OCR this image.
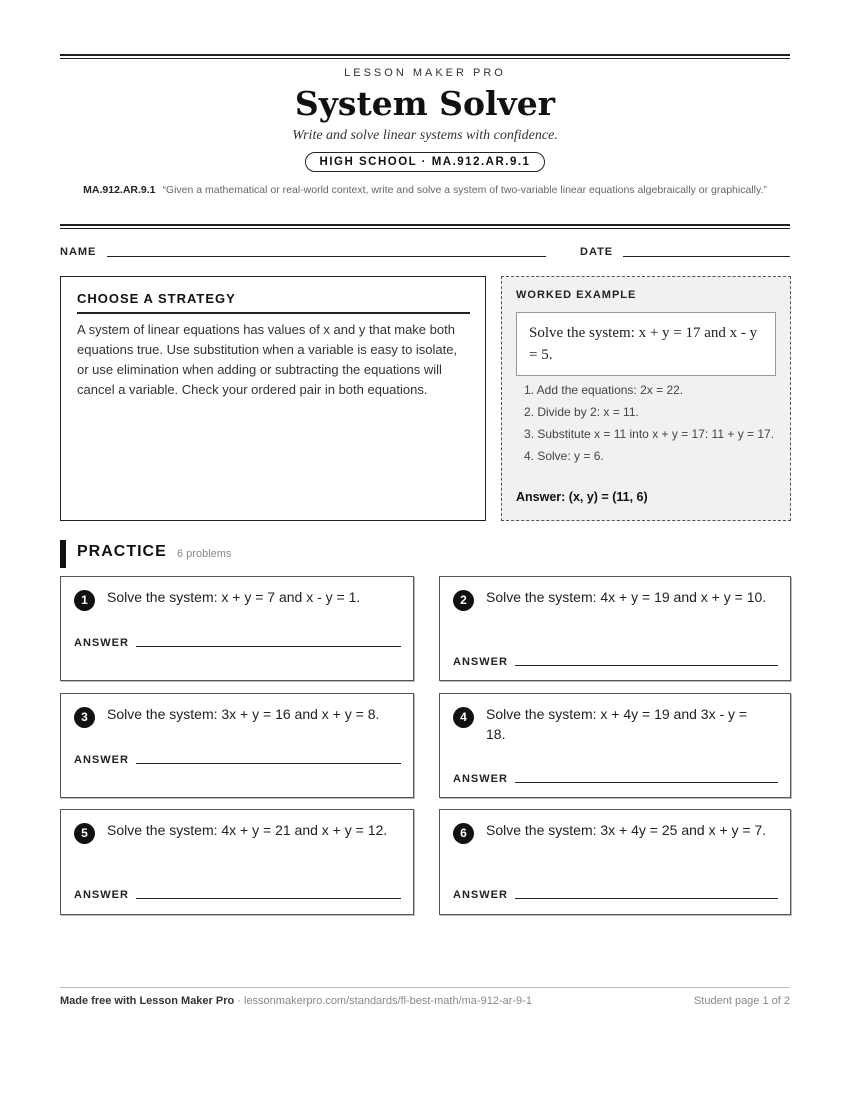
LESSON MAKER PRO
System Solver
Write and solve linear systems with confidence.
HIGH SCHOOL · MA.912.AR.9.1
MA.912.AR.9.1 “Given a mathematical or real-world context, write and solve a system of two-variable linear equations algebraically or graphically.”
NAME	DATE
CHOOSE A STRATEGY

A system of linear equations has values of x and y that make both equations true. Use substitution when a variable is easy to isolate, or use elimination when adding or subtracting the equations will cancel a variable. Check your ordered pair in both equations.

WORKED EXAMPLE
Solve the system: x + y = 17 and x - y = 5.
1. Add the equations: 2x = 22.
2. Divide by 2: x = 11.
3. Substitute x = 11 into x + y = 17: 11 + y = 17.
4. Solve: y = 6.
Answer: (x, y) = (11, 6)
PRACTICE 6 problems
1	Solve the system: x + y = 7 and x - y = 1.
ANSWER
2	Solve the system: 4x + y = 19 and x + y = 10.
ANSWER
3	Solve the system: 3x + y = 16 and x + y = 8.
ANSWER
4	Solve the system: x + 4y = 19 and 3x - y = 18.
ANSWER
5	Solve the system: 4x + y = 21 and x + y = 12.
ANSWER
6	Solve the system: 3x + 4y = 25 and x + y = 7.
ANSWER
Made free with Lesson Maker Pro · lessonmakerpro.com/standards/fl-best-math/ma-912-ar-9-1	Student page 1 of 2
